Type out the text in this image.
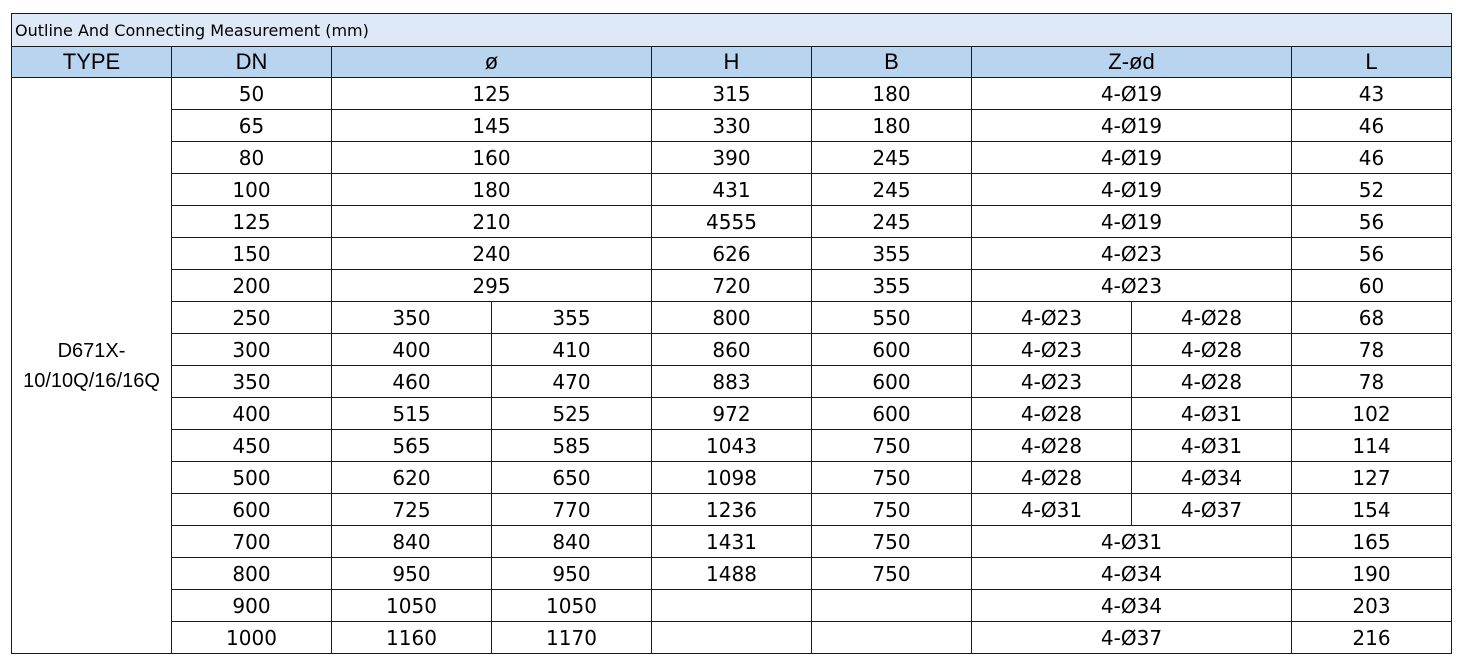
Outline And Connecting Measurement (mm)								
TYPE	DN	ø		H	B	Z-ød		L
D671X-10/10Q/16/16Q	50	125		315	180	4-Ø19		43
	65	145		330	180	4-Ø19		46
	80	160		390	245	4-Ø19		46
	100	180		431	245	4-Ø19		52
	125	210		4555	245	4-Ø19		56
	150	240		626	355	4-Ø23		56
	200	295		720	355	4-Ø23		60
	250	350	355	800	550	4-Ø23	4-Ø28	68
	300	400	410	860	600	4-Ø23	4-Ø28	78
	350	460	470	883	600	4-Ø23	4-Ø28	78
	400	515	525	972	600	4-Ø28	4-Ø31	102
	450	565	585	1043	750	4-Ø28	4-Ø31	114
	500	620	650	1098	750	4-Ø28	4-Ø34	127
	600	725	770	1236	750	4-Ø31	4-Ø37	154
	700	840	840	1431	750	4-Ø31		165
	800	950	950	1488	750	4-Ø34		190
	900	1050	1050			4-Ø34		203
	1000	1160	1170			4-Ø37		216
